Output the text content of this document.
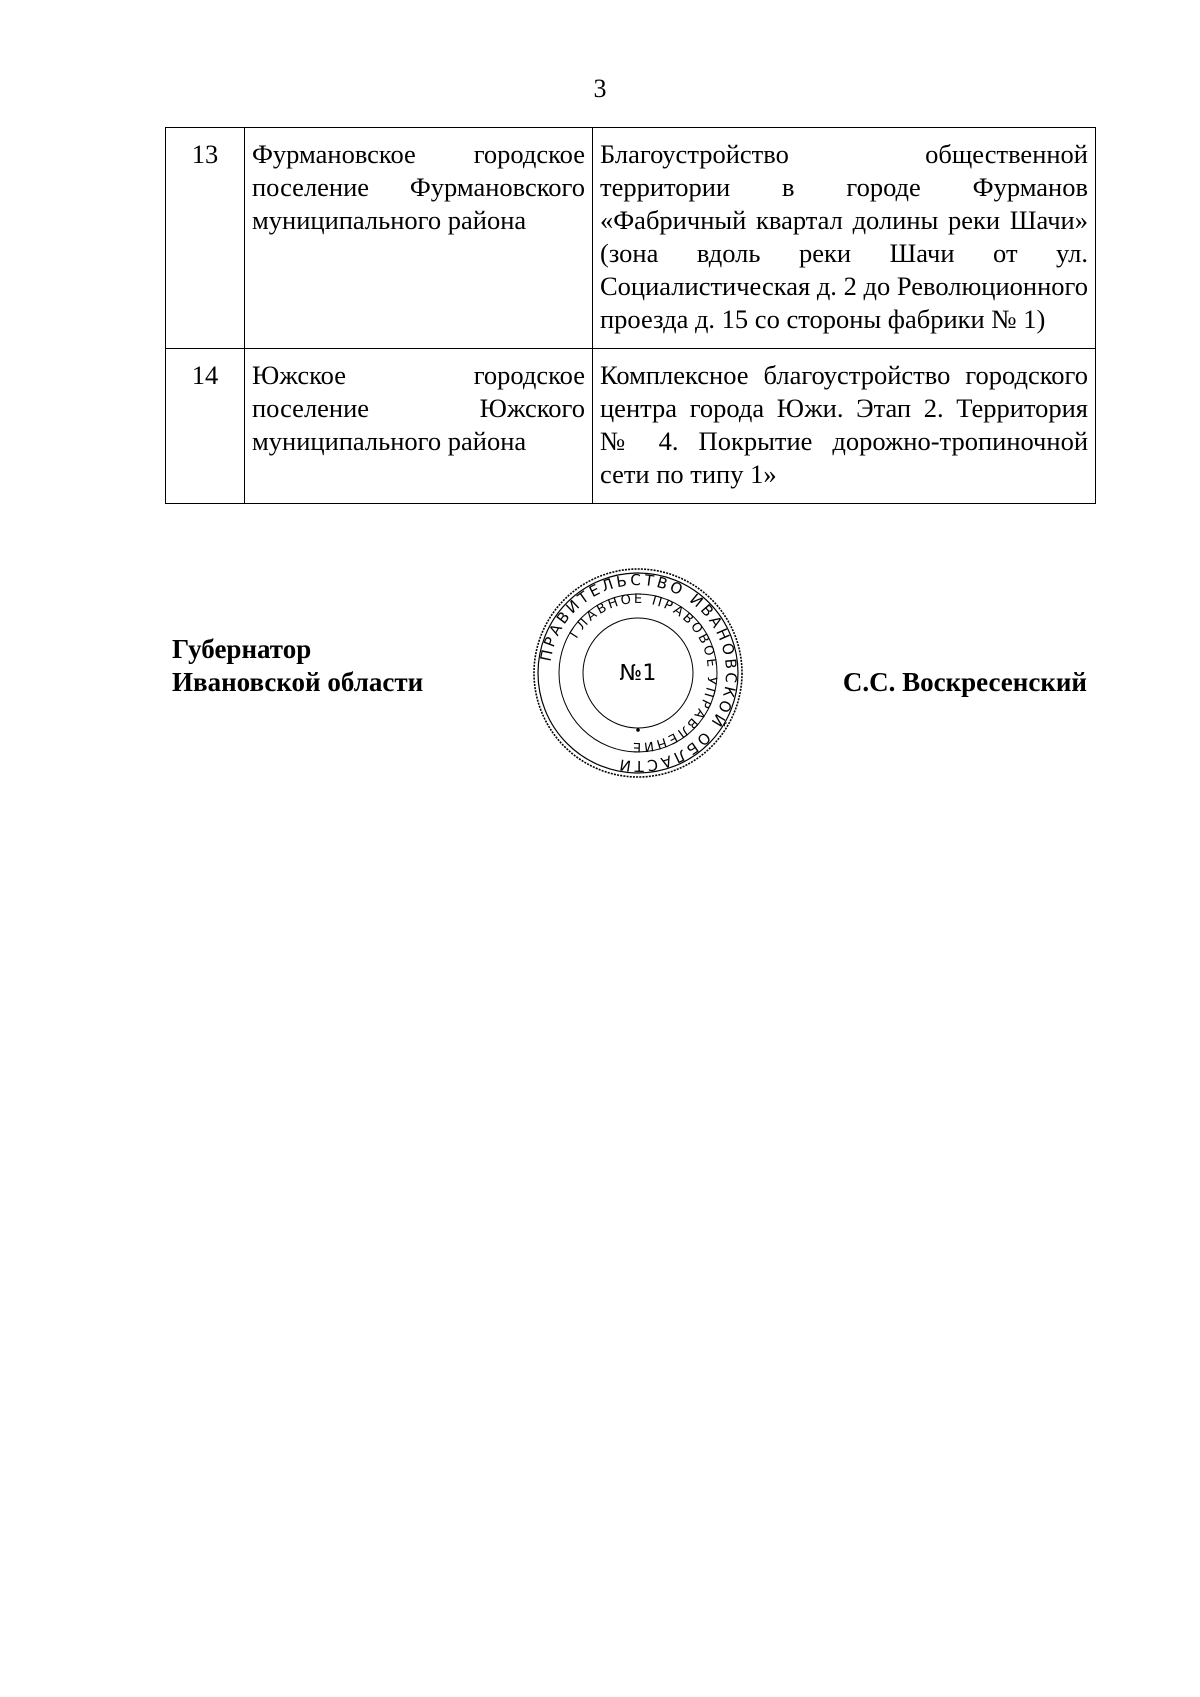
3
13	Фурмановское городское поселение Фурмановского муниципального района	Благоустройство общественной территории в городе Фурманов «Фабричный квартал долины реки Шачи» (зона вдоль реки Шачи от ул. Социалистическая д. 2 до Революционного проезда д. 15 со стороны фабрики № 1)
14	Южское городское поселение Южского муниципального района	Комплексное благоустройство городского центра города Южи. Этап 2. Территория № 4. Покрытие дорожно-тропиночной сети по типу 1»
Губернатор
Ивановской области	С.С. Воскресенский
ПРАВИТЕЛЬСТВО ИВАНОВСКОЙ ОБЛАСТИ
ГЛАВНОЕ ПРАВОВОЕ УПРАВЛЕНИЕ
№1
